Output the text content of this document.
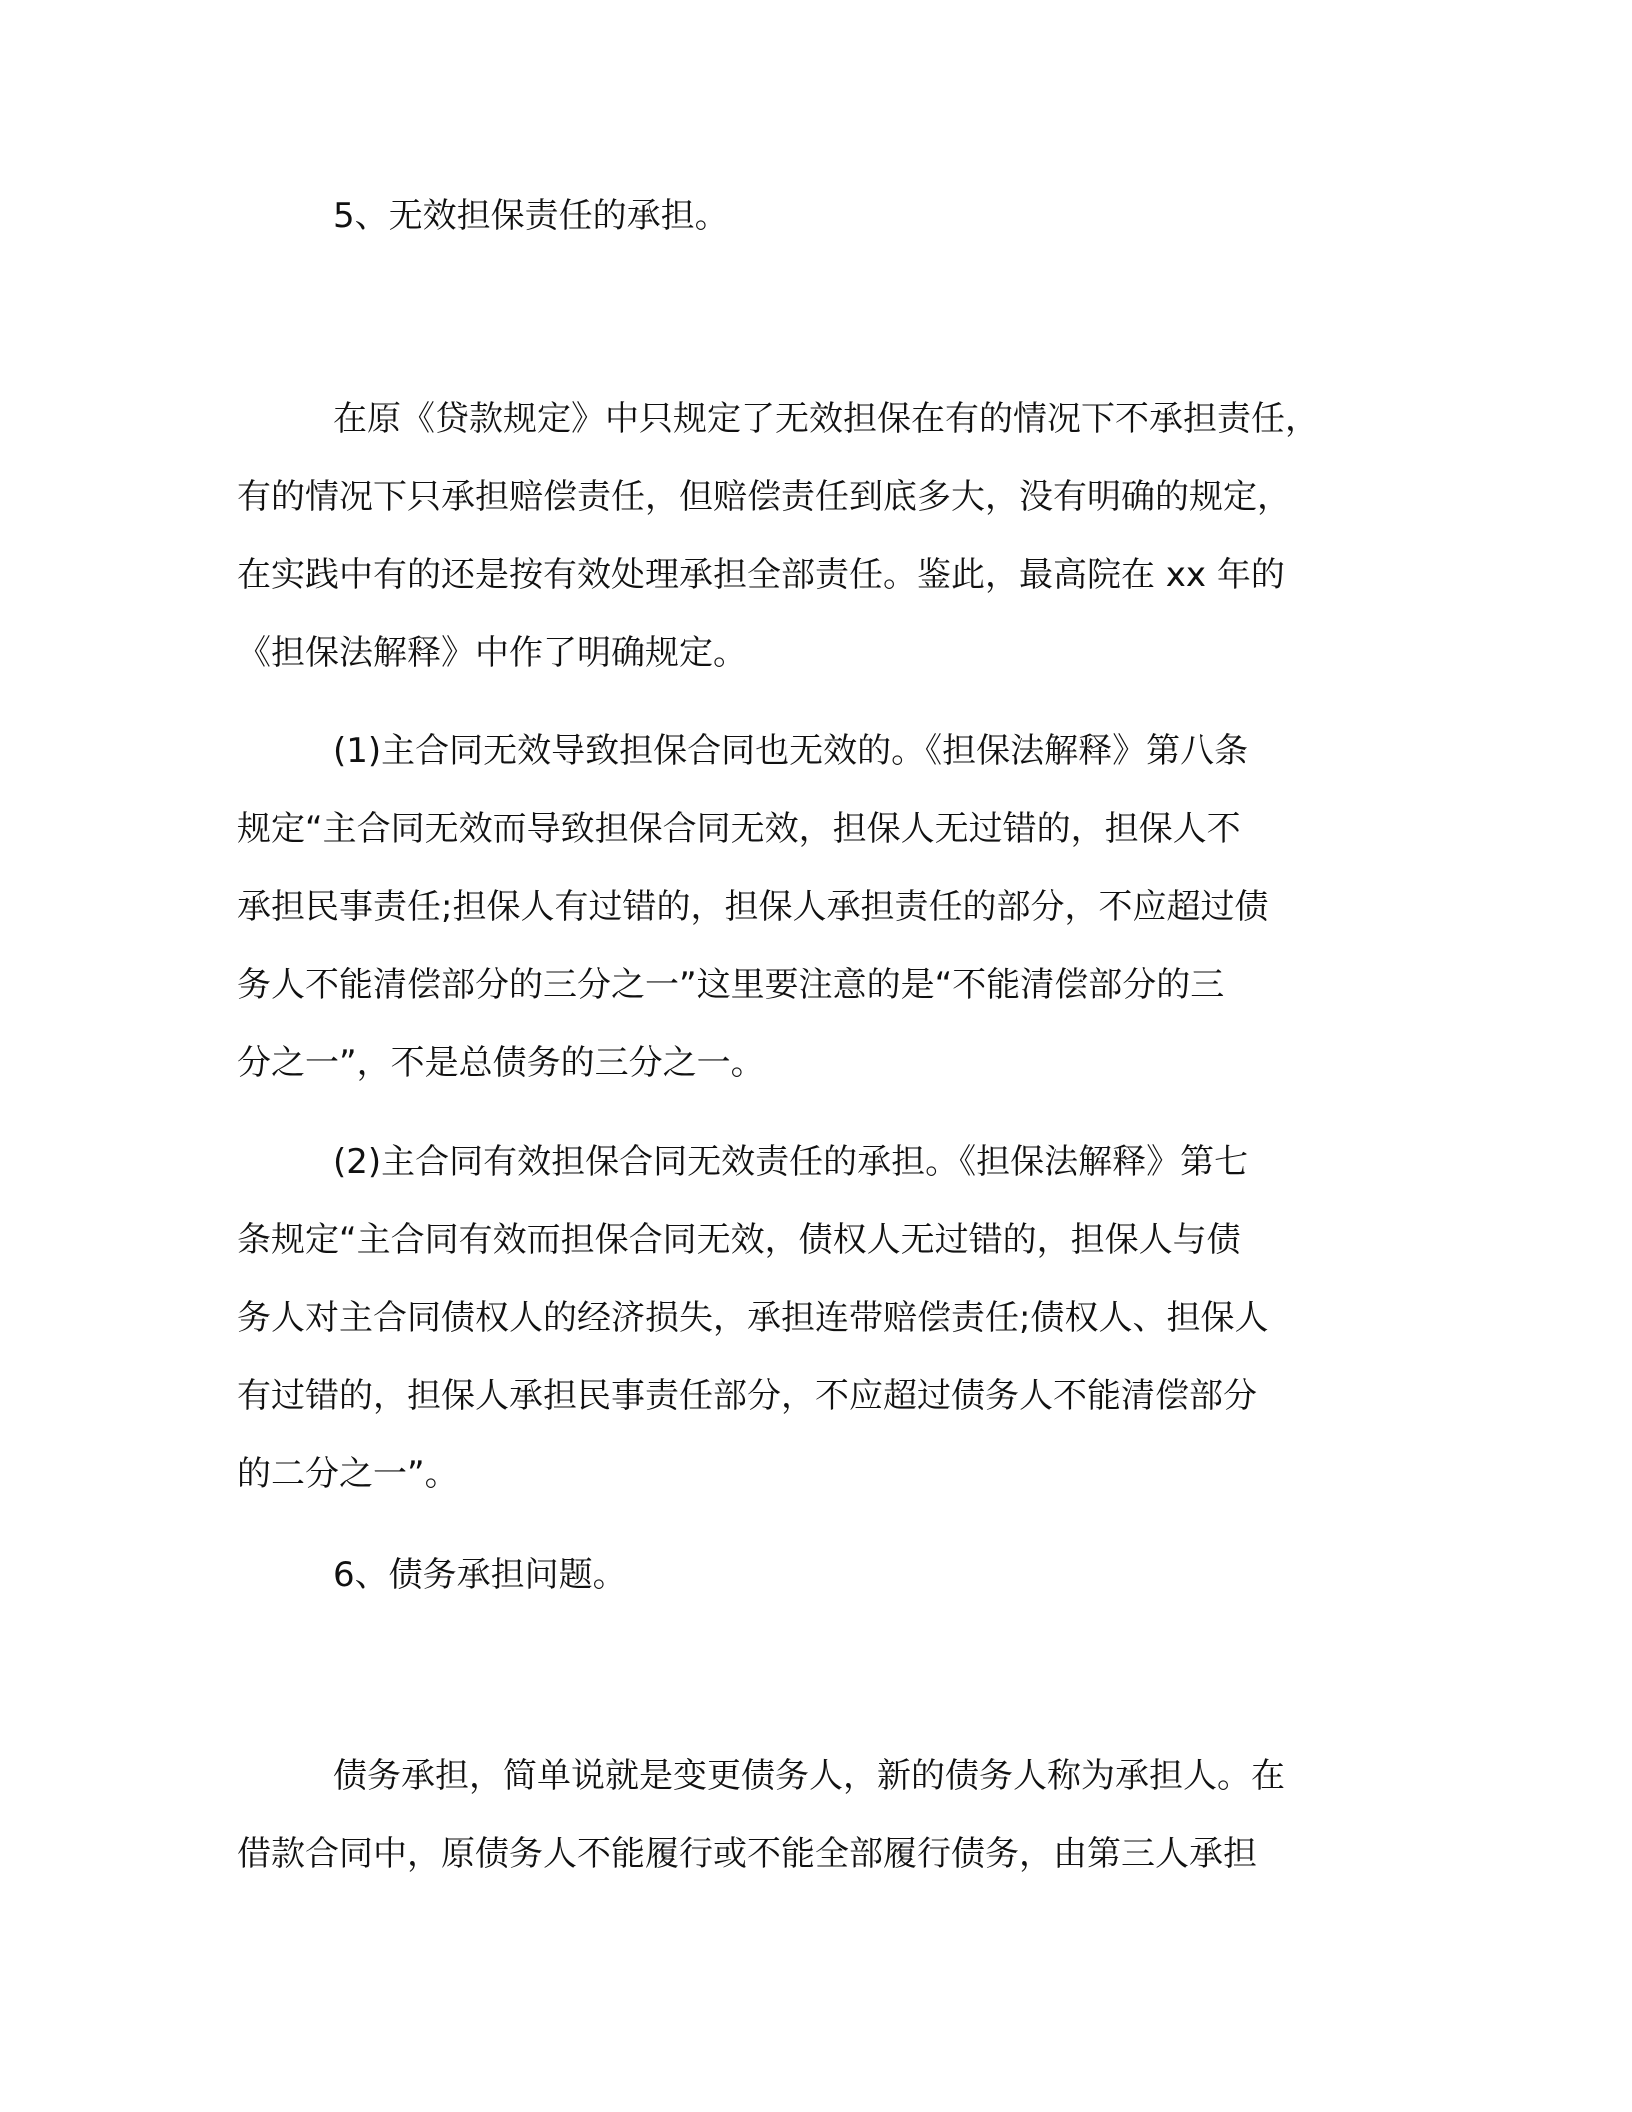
5、无效担保责任的承担。
在原《贷款规定》中只规定了无效担保在有的情况下不承担责任，
有的情况下只承担赔偿责任，但赔偿责任到底多大，没有明确的规定，
在实践中有的还是按有效处理承担全部责任。鉴此，最高院在 xx 年的
《担保法解释》中作了明确规定。
(1)主合同无效导致担保合同也无效的。《担保法解释》第八条
规定“主合同无效而导致担保合同无效，担保人无过错的，担保人不
承担民事责任;担保人有过错的，担保人承担责任的部分，不应超过债
务人不能清偿部分的三分之一”这里要注意的是“不能清偿部分的三
分之一”，不是总债务的三分之一。
(2)主合同有效担保合同无效责任的承担。《担保法解释》第七
条规定“主合同有效而担保合同无效，债权人无过错的，担保人与债
务人对主合同债权人的经济损失，承担连带赔偿责任;债权人、担保人
有过错的，担保人承担民事责任部分，不应超过债务人不能清偿部分
的二分之一”。
6、债务承担问题。
债务承担，简单说就是变更债务人，新的债务人称为承担人。在
借款合同中，原债务人不能履行或不能全部履行债务，由第三人承担
